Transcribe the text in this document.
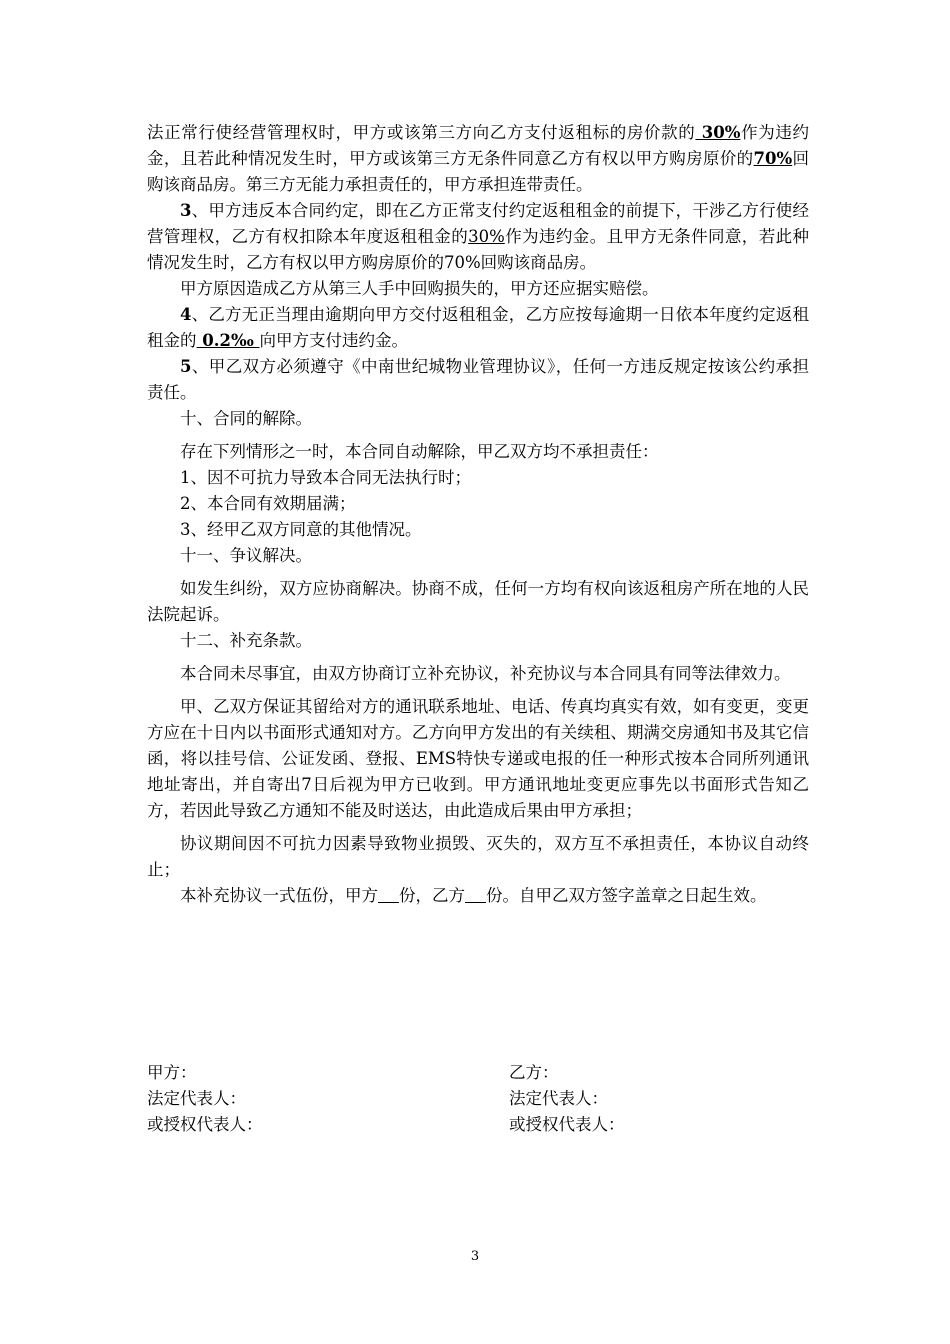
法正常行使经营管理权时，甲方或该第三方向乙方支付返租标的房价款的 30%作为违约金，且若此种情况发生时，甲方或该第三方无条件同意乙方有权以甲方购房原价的70%回购该商品房。第三方无能力承担责任的，甲方承担连带责任。

3、甲方违反本合同约定，即在乙方正常支付约定返租租金的前提下，干涉乙方行使经营管理权，乙方有权扣除本年度返租租金的30%作为违约金。且甲方无条件同意，若此种情况发生时，乙方有权以甲方购房原价的70%回购该商品房。

甲方原因造成乙方从第三人手中回购损失的，甲方还应据实赔偿。

4、乙方无正当理由逾期向甲方交付返租租金，乙方应按每逾期一日依本年度约定返租租金的 0.2‰ 向甲方支付违约金。

5、甲乙双方必须遵守《中南世纪城物业管理协议》，任何一方违反规定按该公约承担责任。

十、合同的解除。

存在下列情形之一时，本合同自动解除，甲乙双方均不承担责任：

1、因不可抗力导致本合同无法执行时；

2、本合同有效期届满；

3、经甲乙双方同意的其他情况。

十一、争议解决。

如发生纠纷，双方应协商解决。协商不成，任何一方均有权向该返租房产所在地的人民法院起诉。

十二、补充条款。

本合同未尽事宜，由双方协商订立补充协议，补充协议与本合同具有同等法律效力。

甲、乙双方保证其留给对方的通讯联系地址、电话、传真均真实有效，如有变更，变更方应在十日内以书面形式通知对方。乙方向甲方发出的有关续租、期满交房通知书及其它信函，将以挂号信、公证发函、登报、EMS特快专递或电报的任一种形式按本合同所列通讯地址寄出，并自寄出7日后视为甲方已收到。甲方通讯地址变更应事先以书面形式告知乙方，若因此导致乙方通知不能及时送达，由此造成后果由甲方承担；

协议期间因不可抗力因素导致物业损毁、灭失的，双方互不承担责任，本协议自动终止；

本补充协议一式伍份，甲方 份，乙方 份。自甲乙双方签字盖章之日起生效。

甲方：
法定代表人：
或授权代表人：
乙方：
法定代表人：
或授权代表人：
3
